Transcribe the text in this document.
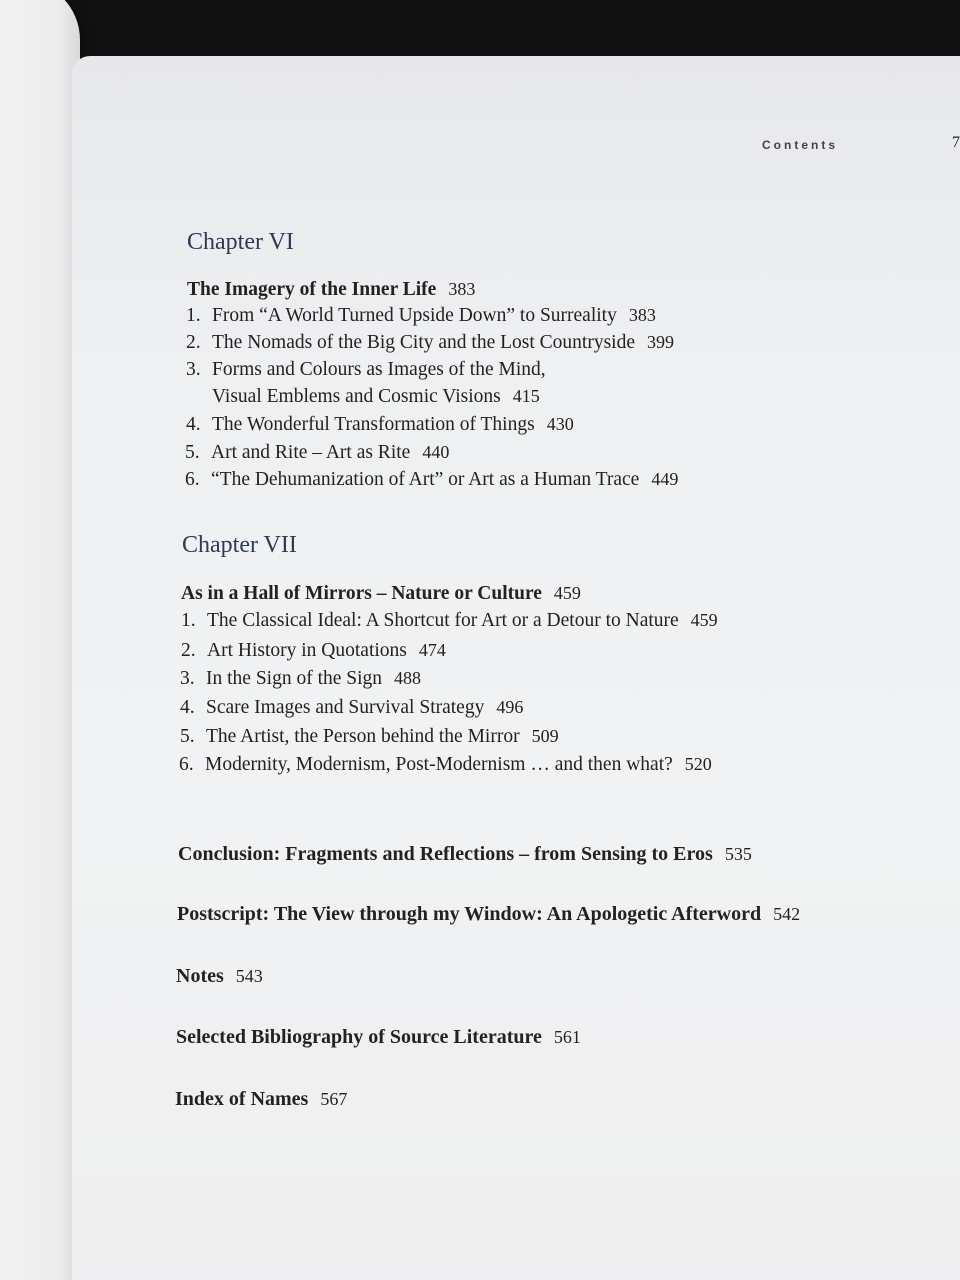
Contents	7
Chapter VI
The Imagery of the Inner Life 383
1. From “A World Turned Upside Down” to Surreality 383
2. The Nomads of the Big City and the Lost Countryside 399
3. Forms and Colours as Images of the Mind,
Visual Emblems and Cosmic Visions 415
4. The Wonderful Transformation of Things 430
5. Art and Rite – Art as Rite 440
6. “The Dehumanization of Art” or Art as a Human Trace 449
Chapter VII
As in a Hall of Mirrors – Nature or Culture 459
1. The Classical Ideal: A Shortcut for Art or a Detour to Nature 459
2. Art History in Quotations 474
3. In the Sign of the Sign 488
4. Scare Images and Survival Strategy 496
5. The Artist, the Person behind the Mirror 509
6. Modernity, Modernism, Post-Modernism … and then what? 520
Conclusion: Fragments and Reflections – from Sensing to Eros 535
Postscript: The View through my Window: An Apologetic Afterword 542
Notes 543
Selected Bibliography of Source Literature 561
Index of Names 567
